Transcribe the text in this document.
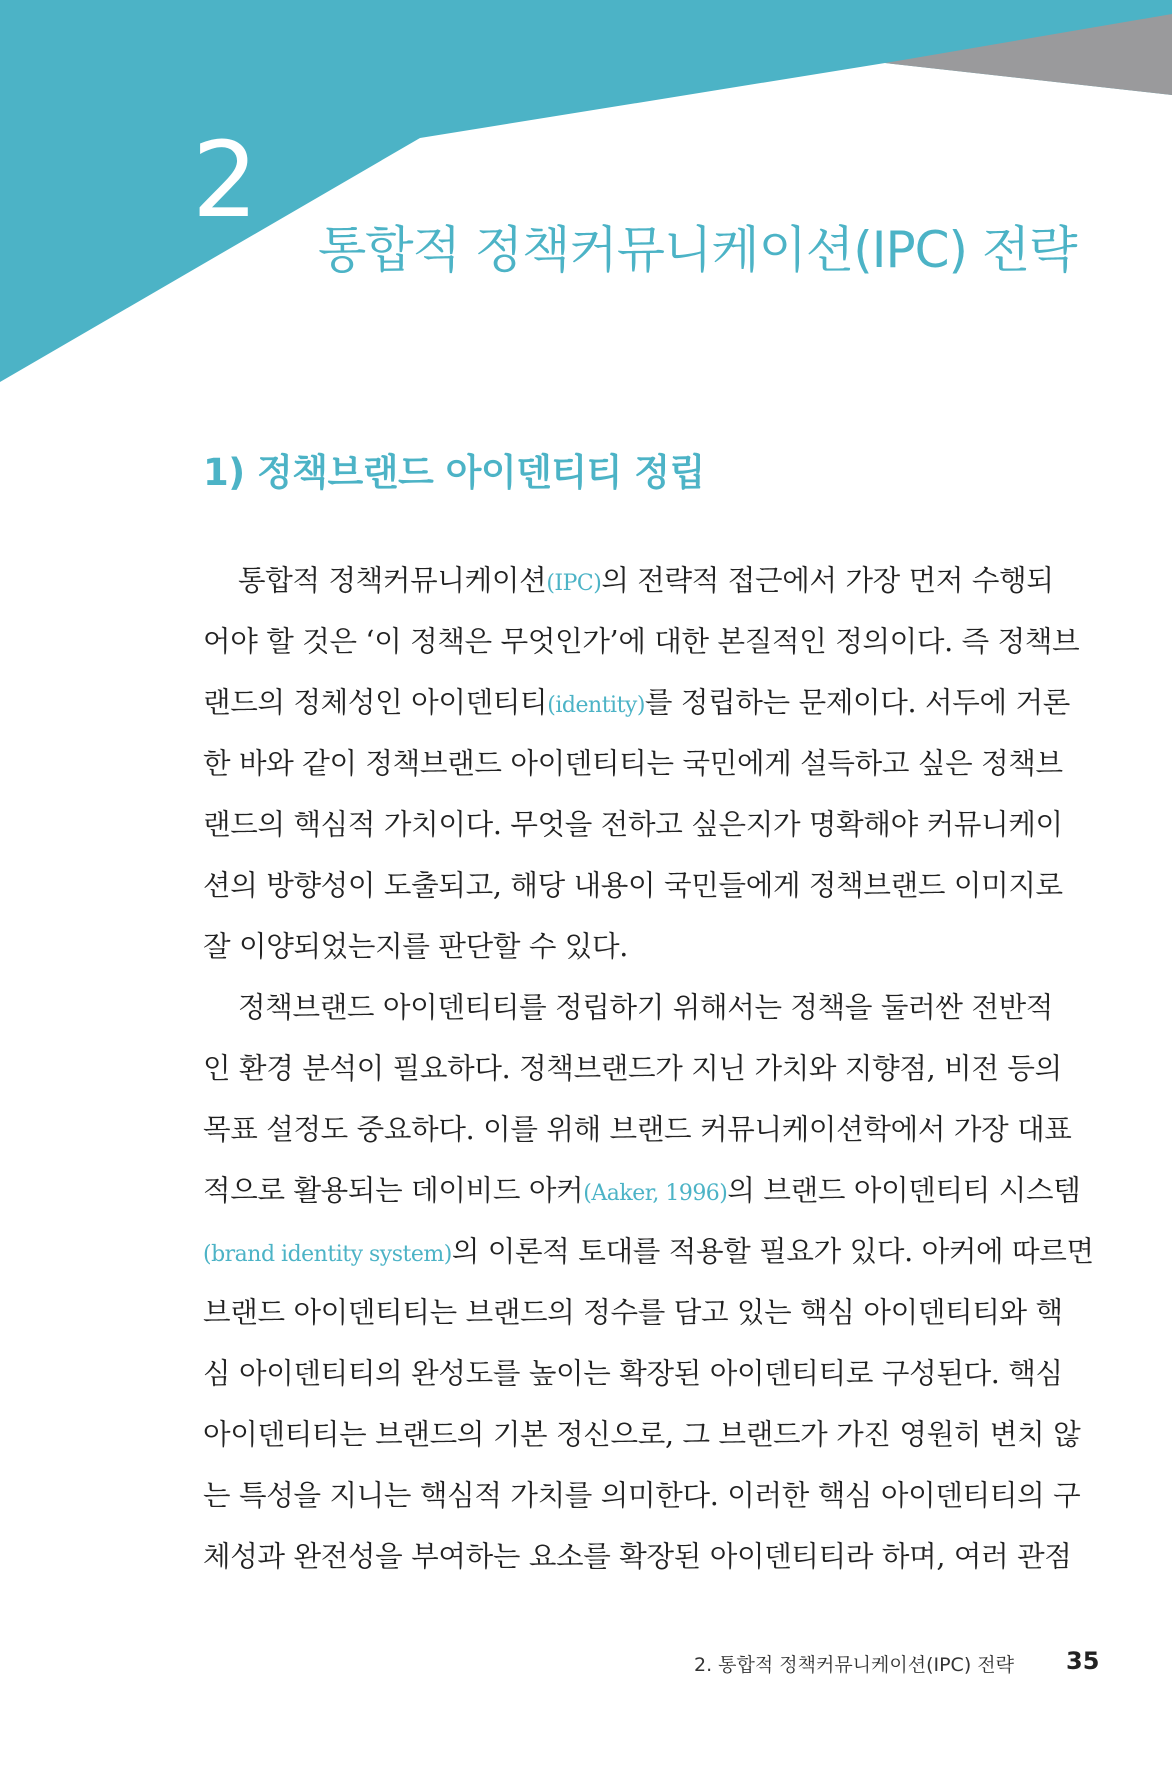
2
통합적 정책커뮤니케이션(IPC) 전략
1) 정책브랜드 아이덴티티 정립
통합적 정책커뮤니케이션(IPC)의 전략적 접근에서 가장 먼저 수행되
어야 할 것은 ‘이 정책은 무엇인가’에 대한 본질적인 정의이다. 즉 정책브
랜드의 정체성인 아이덴티티(identity)를 정립하는 문제이다. 서두에 거론
한 바와 같이 정책브랜드 아이덴티티는 국민에게 설득하고 싶은 정책브
랜드의 핵심적 가치이다. 무엇을 전하고 싶은지가 명확해야 커뮤니케이
션의 방향성이 도출되고, 해당 내용이 국민들에게 정책브랜드 이미지로
잘 이양되었는지를 판단할 수 있다.
정책브랜드 아이덴티티를 정립하기 위해서는 정책을 둘러싼 전반적
인 환경 분석이 필요하다. 정책브랜드가 지닌 가치와 지향점, 비전 등의
목표 설정도 중요하다. 이를 위해 브랜드 커뮤니케이션학에서 가장 대표
적으로 활용되는 데이비드 아커(Aaker, 1996)의 브랜드 아이덴티티 시스템
(brand identity system)의 이론적 토대를 적용할 필요가 있다. 아커에 따르면
브랜드 아이덴티티는 브랜드의 정수를 담고 있는 핵심 아이덴티티와 핵
심 아이덴티티의 완성도를 높이는 확장된 아이덴티티로 구성된다. 핵심
아이덴티티는 브랜드의 기본 정신으로, 그 브랜드가 가진 영원히 변치 않
는 특성을 지니는 핵심적 가치를 의미한다. 이러한 핵심 아이덴티티의 구
체성과 완전성을 부여하는 요소를 확장된 아이덴티티라 하며, 여러 관점
2. 통합적 정책커뮤니케이션(IPC) 전략 35
